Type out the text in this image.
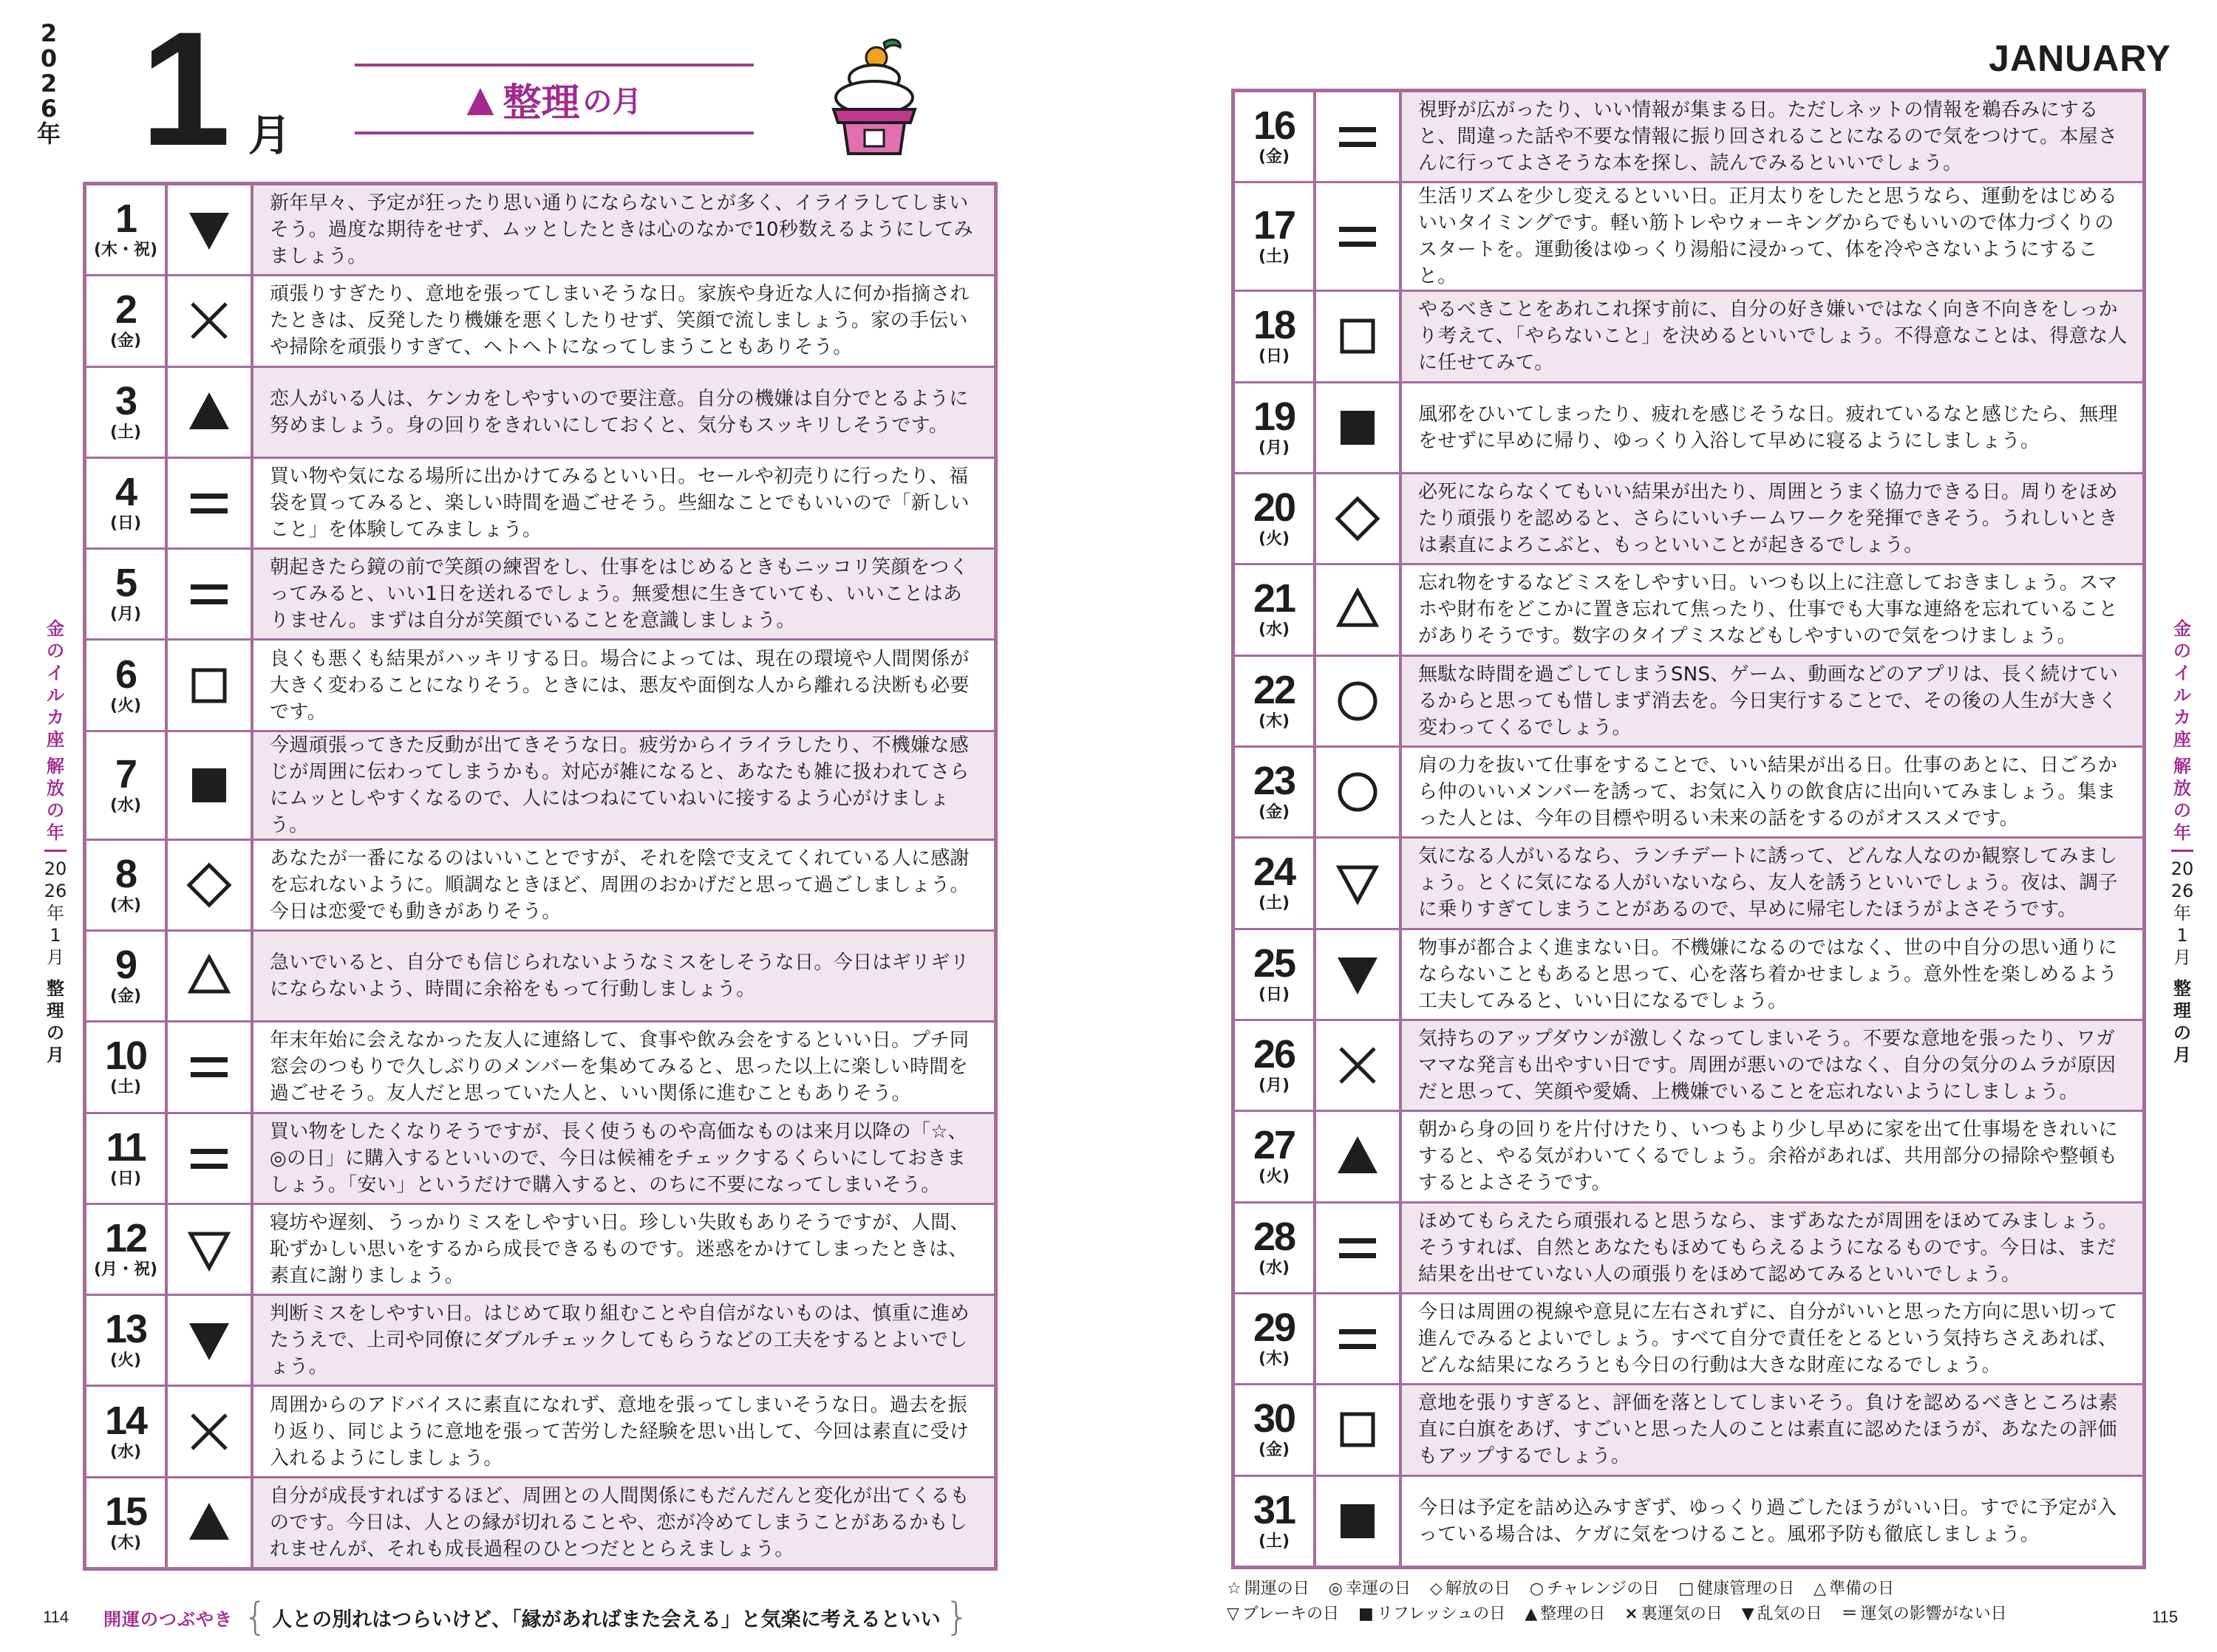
2026年 1 月
▲ 整理 の月
JANUARY
1
(木・祝)
新年早々、予定が狂ったり思い通りにならないことが多く、イライラしてしまいそう。過度な期待をせず、ムッとしたときは心のなかで10秒数えるようにしてみましょう。
2
(金)
頑張りすぎたり、意地を張ってしまいそうな日。家族や身近な人に何か指摘されたときは、反発したり機嫌を悪くしたりせず、笑顔で流しましょう。家の手伝いや掃除を頑張りすぎて、ヘトヘトになってしまうこともありそう。
3
(土)
恋人がいる人は、ケンカをしやすいので要注意。自分の機嫌は自分でとるように努めましょう。身の回りをきれいにしておくと、気分もスッキリしそうです。
4
(日)
買い物や気になる場所に出かけてみるといい日。セールや初売りに行ったり、福袋を買ってみると、楽しい時間を過ごせそう。些細なことでもいいので「新しいこと」を体験してみましょう。
5
(月)
朝起きたら鏡の前で笑顔の練習をし、仕事をはじめるときもニッコリ笑顔をつくってみると、いい1日を送れるでしょう。無愛想に生きていても、いいことはありません。まずは自分が笑顔でいることを意識しましょう。
6
(火)
良くも悪くも結果がハッキリする日。場合によっては、現在の環境や人間関係が大きく変わることになりそう。ときには、悪友や面倒な人から離れる決断も必要です。
7
(水)
今週頑張ってきた反動が出てきそうな日。疲労からイライラしたり、不機嫌な感じが周囲に伝わってしまうかも。対応が雑になると、あなたも雑に扱われてさらにムッとしやすくなるので、人にはつねにていねいに接するよう心がけましょう。
8
(木)
あなたが一番になるのはいいことですが、それを陰で支えてくれている人に感謝を忘れないように。順調なときほど、周囲のおかげだと思って過ごしましょう。今日は恋愛でも動きがありそう。
9
(金)
急いでいると、自分でも信じられないようなミスをしそうな日。今日はギリギリにならないよう、時間に余裕をもって行動しましょう。
10
(土)
年末年始に会えなかった友人に連絡して、食事や飲み会をするといい日。プチ同窓会のつもりで久しぶりのメンバーを集めてみると、思った以上に楽しい時間を過ごせそう。友人だと思っていた人と、いい関係に進むこともありそう。
11
(日)
買い物をしたくなりそうですが、長く使うものや高価なものは来月以降の「☆、◎の日」に購入するといいので、今日は候補をチェックするくらいにしておきましょう。「安い」というだけで購入すると、のちに不要になってしまいそう。
12
(月・祝)
寝坊や遅刻、うっかりミスをしやすい日。珍しい失敗もありそうですが、人間、恥ずかしい思いをするから成長できるものです。迷惑をかけてしまったときは、素直に謝りましょう。
13
(火)
判断ミスをしやすい日。はじめて取り組むことや自信がないものは、慎重に進めたうえで、上司や同僚にダブルチェックしてもらうなどの工夫をするとよいでしょう。
14
(水)
周囲からのアドバイスに素直になれず、意地を張ってしまいそうな日。過去を振り返り、同じように意地を張って苦労した経験を思い出して、今回は素直に受け入れるようにしましょう。
15
(木)
自分が成長すればするほど、周囲との人間関係にもだんだんと変化が出てくるものです。今日は、人との縁が切れることや、恋が冷めてしまうことがあるかもしれませんが、それも成長過程のひとつだととらえましょう。
16
(金)
視野が広がったり、いい情報が集まる日。ただしネットの情報を鵜呑みにすると、間違った話や不要な情報に振り回されることになるので気をつけて。本屋さんに行ってよさそうな本を探し、読んでみるといいでしょう。
17
(土)
生活リズムを少し変えるといい日。正月太りをしたと思うなら、運動をはじめるいいタイミングです。軽い筋トレやウォーキングからでもいいので体力づくりのスタートを。運動後はゆっくり湯船に浸かって、体を冷やさないようにすること。
18
(日)
やるべきことをあれこれ探す前に、自分の好き嫌いではなく向き不向きをしっかり考えて、「やらないこと」を決めるといいでしょう。不得意なことは、得意な人に任せてみて。
19
(月)
風邪をひいてしまったり、疲れを感じそうな日。疲れているなと感じたら、無理をせずに早めに帰り、ゆっくり入浴して早めに寝るようにしましょう。
20
(火)
必死にならなくてもいい結果が出たり、周囲とうまく協力できる日。周りをほめたり頑張りを認めると、さらにいいチームワークを発揮できそう。うれしいときは素直によろこぶと、もっといいことが起きるでしょう。
21
(水)
忘れ物をするなどミスをしやすい日。いつも以上に注意しておきましょう。スマホや財布をどこかに置き忘れて焦ったり、仕事でも大事な連絡を忘れていることがありそうです。数字のタイプミスなどもしやすいので気をつけましょう。
22
(木)
無駄な時間を過ごしてしまうSNS、ゲーム、動画などのアプリは、長く続けているからと思っても惜しまず消去を。今日実行することで、その後の人生が大きく変わってくるでしょう。
23
(金)
肩の力を抜いて仕事をすることで、いい結果が出る日。仕事のあとに、日ごろから仲のいいメンバーを誘って、お気に入りの飲食店に出向いてみましょう。集まった人とは、今年の目標や明るい未来の話をするのがオススメです。
24
(土)
気になる人がいるなら、ランチデートに誘って、どんな人なのか観察してみましょう。とくに気になる人がいないなら、友人を誘うといいでしょう。夜は、調子に乗りすぎてしまうことがあるので、早めに帰宅したほうがよさそうです。
25
(日)
物事が都合よく進まない日。不機嫌になるのではなく、世の中自分の思い通りにならないこともあると思って、心を落ち着かせましょう。意外性を楽しめるよう工夫してみると、いい日になるでしょう。
26
(月)
気持ちのアップダウンが激しくなってしまいそう。不要な意地を張ったり、ワガママな発言も出やすい日です。周囲が悪いのではなく、自分の気分のムラが原因だと思って、笑顔や愛嬌、上機嫌でいることを忘れないようにしましょう。
27
(火)
朝から身の回りを片付けたり、いつもより少し早めに家を出て仕事場をきれいにすると、やる気がわいてくるでしょう。余裕があれば、共用部分の掃除や整頓もするとよさそうです。
28
(水)
ほめてもらえたら頑張れると思うなら、まずあなたが周囲をほめてみましょう。そうすれば、自然とあなたもほめてもらえるようになるものです。今日は、まだ結果を出せていない人の頑張りをほめて認めてみるといいでしょう。
29
(木)
今日は周囲の視線や意見に左右されずに、自分がいいと思った方向に思い切って進んでみるとよいでしょう。すべて自分で責任をとるという気持ちさえあれば、どんな結果になろうとも今日の行動は大きな財産になるでしょう。
30
(金)
意地を張りすぎると、評価を落としてしまいそう。負けを認めるべきところは素直に白旗をあげ、すごいと思った人のことは素直に認めたほうが、あなたの評価もアップするでしょう。
31
(土)
今日は予定を詰め込みすぎず、ゆっくり過ごしたほうがいい日。すでに予定が入っている場合は、ケガに気をつけること。風邪予防も徹底しましょう。
金のイルカ座
解放の年
2026年1月
整理の月
金のイルカ座
解放の年
2026年1月
整理の月
114 開運のつぶやき { 人との別れはつらいけど、「縁があればまた会える」と気楽に考えるといい }
☆ 開運の日 ◎ 幸運の日 ◇ 解放の日 ○ チャレンジの日 □ 健康管理の日 △ 準備の日
▽ ブレーキの日 ■ リフレッシュの日 ▲ 整理の日 × 裏運気の日 ▼ 乱気の日 ＝ 運気の影響がない日	115
